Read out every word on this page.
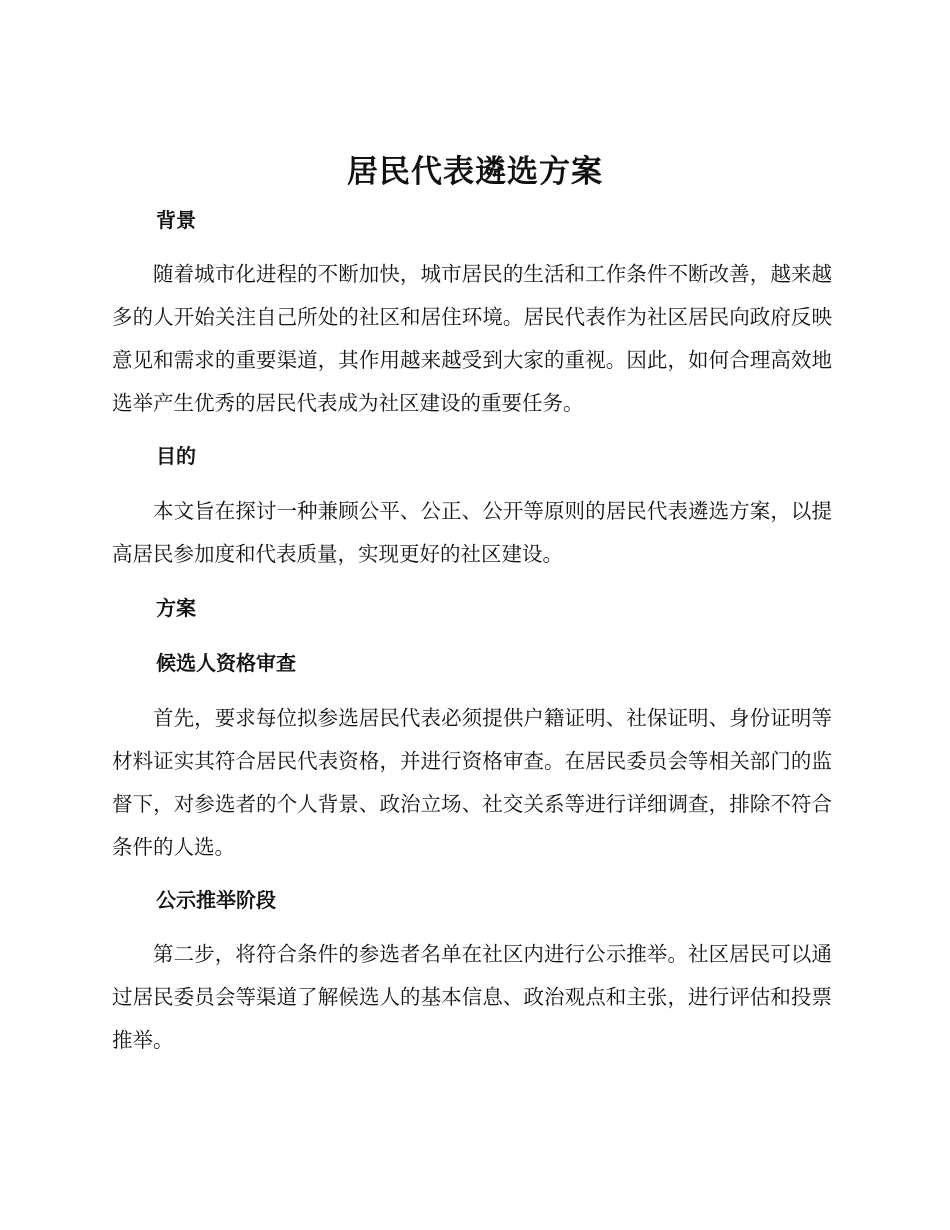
居民代表遴选方案
背景

随着城市化进程的不断加快，城市居民的生活和工作条件不断改善，越来越多的人开始关注自己所处的社区和居住环境。居民代表作为社区居民向政府反映意见和需求的重要渠道，其作用越来越受到大家的重视。因此，如何合理高效地选举产生优秀的居民代表成为社区建设的重要任务。

目的

本文旨在探讨一种兼顾公平、公正、公开等原则的居民代表遴选方案，以提高居民参加度和代表质量，实现更好的社区建设。

方案
候选人资格审查

首先，要求每位拟参选居民代表必须提供户籍证明、社保证明、身份证明等材料证实其符合居民代表资格，并进行资格审查。在居民委员会等相关部门的监督下，对参选者的个人背景、政治立场、社交关系等进行详细调查，排除不符合条件的人选。

公示推举阶段

第二步，将符合条件的参选者名单在社区内进行公示推举。社区居民可以通过居民委员会等渠道了解候选人的基本信息、政治观点和主张，进行评估和投票推举。
